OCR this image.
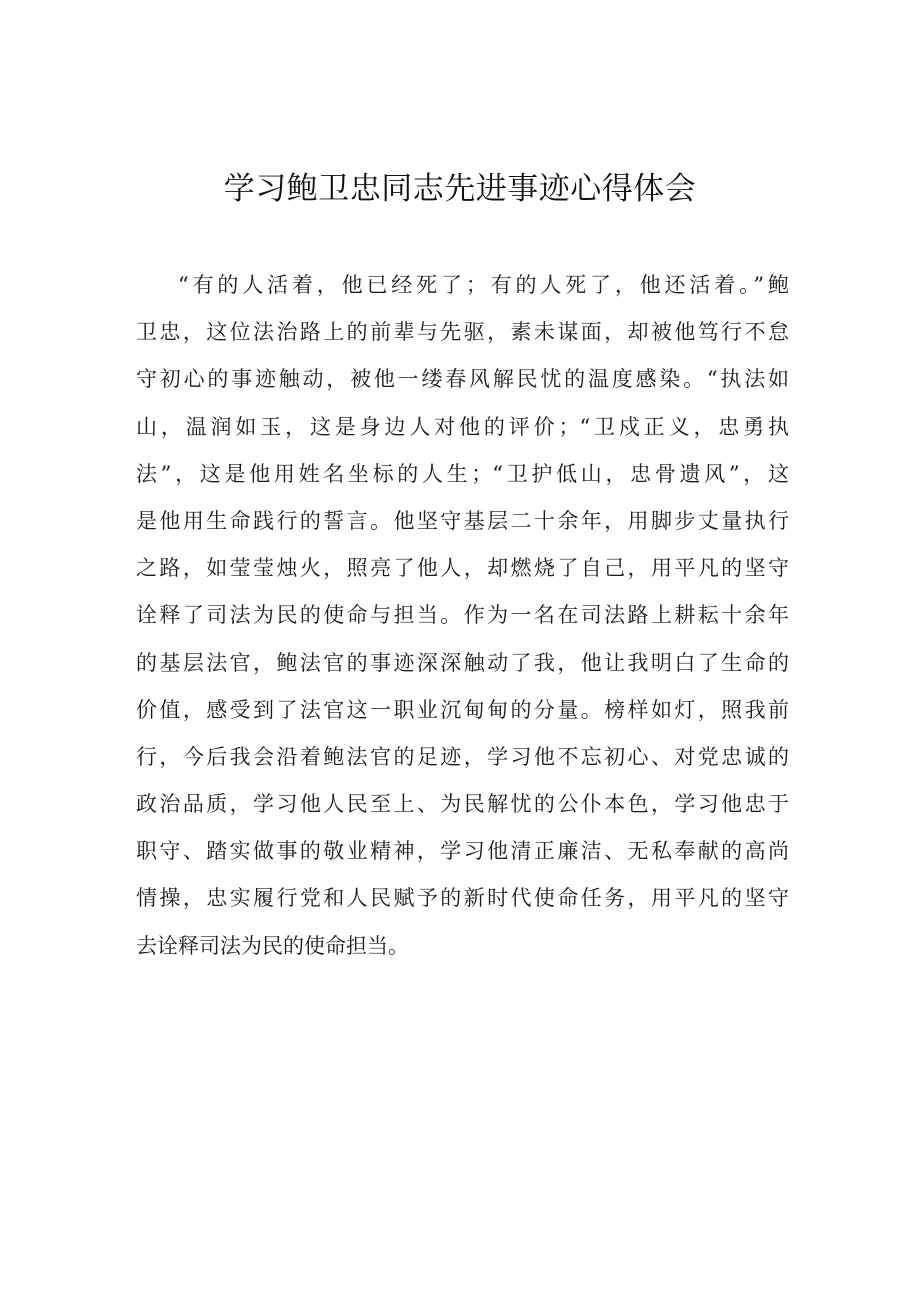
学习鲍卫忠同志先进事迹心得体会
“有的人活着，他已经死了；有的人死了，他还活着。”鲍
卫忠，这位法治路上的前辈与先驱，素未谋面，却被他笃行不怠
守初心的事迹触动，被他一缕春风解民忧的温度感染。“执法如
山，温润如玉，这是身边人对他的评价；“卫戍正义，忠勇执
法”，这是他用姓名坐标的人生；“卫护低山，忠骨遗风”，这
是他用生命践行的誓言。他坚守基层二十余年，用脚步丈量执行
之路，如莹莹烛火，照亮了他人，却燃烧了自己，用平凡的坚守
诠释了司法为民的使命与担当。作为一名在司法路上耕耘十余年
的基层法官，鲍法官的事迹深深触动了我，他让我明白了生命的
价值，感受到了法官这一职业沉甸甸的分量。榜样如灯，照我前
行，今后我会沿着鲍法官的足迹，学习他不忘初心、对党忠诚的
政治品质，学习他人民至上、为民解忧的公仆本色，学习他忠于
职守、踏实做事的敬业精神，学习他清正廉洁、无私奉献的高尚
情操，忠实履行党和人民赋予的新时代使命任务，用平凡的坚守
去诠释司法为民的使命担当。
